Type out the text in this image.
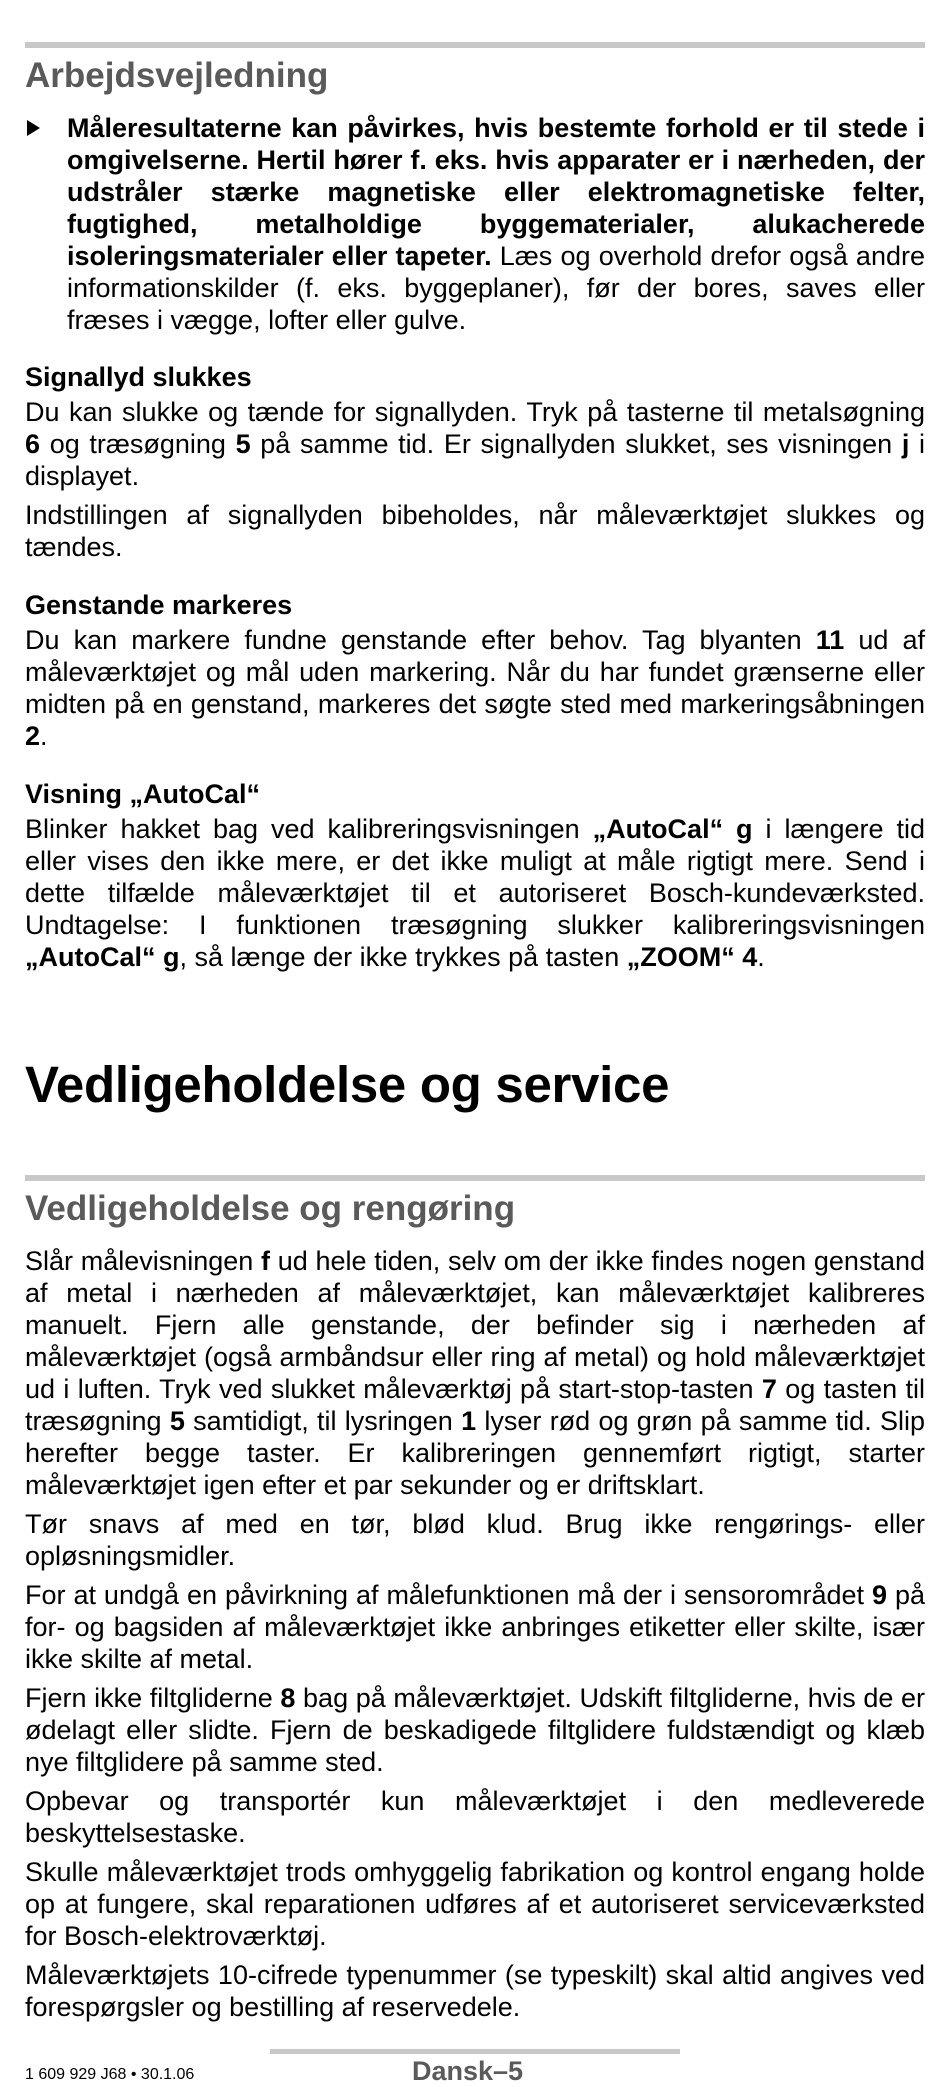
Arbejdsvejledning

Måleresultaterne kan påvirkes, hvis bestemte forhold er til stede i omgivelserne. Hertil hører f. eks. hvis apparater er i nærheden, der udstråler stærke magnetiske eller elektromagnetiske felter, fugtighed, metalholdige byggematerialer, alukacherede isoleringsmaterialer eller tapeter. Læs og overhold drefor også andre informationskilder (f. eks. byggeplaner), før der bores, saves eller fræses i vægge, lofter eller gulve.

Signallyd slukkes

Du kan slukke og tænde for signallyden. Tryk på tasterne til metalsøgning 6 og træsøgning 5 på samme tid. Er signallyden slukket, ses visningen j i displayet.

Indstillingen af signallyden bibeholdes, når måleværktøjet slukkes og tændes.

Genstande markeres

Du kan markere fundne genstande efter behov. Tag blyanten 11 ud af måleværktøjet og mål uden markering. Når du har fundet grænserne eller midten på en genstand, markeres det søgte sted med markeringsåbningen 2.

Visning „AutoCal“

Blinker hakket bag ved kalibreringsvisningen „AutoCal“ g i længere tid eller vises den ikke mere, er det ikke muligt at måle rigtigt mere. Send i dette tilfælde måleværktøjet til et autoriseret Bosch-kundeværksted. Undtagelse: I funktionen træsøgning slukker kalibreringsvisningen „AutoCal“ g, så længe der ikke trykkes på tasten „ZOOM“ 4.

Vedligeholdelse og service
Vedligeholdelse og rengøring

Slår målevisningen f ud hele tiden, selv om der ikke findes nogen genstand af metal i nærheden af måleværktøjet, kan måleværktøjet kalibreres manuelt. Fjern alle genstande, der befinder sig i nærheden af måleværktøjet (også armbåndsur eller ring af metal) og hold måleværktøjet ud i luften. Tryk ved slukket måleværktøj på start-stop-tasten 7 og tasten til træsøgning 5 samtidigt, til lysringen 1 lyser rød og grøn på samme tid. Slip herefter begge taster. Er kalibreringen gennemført rigtigt, starter måleværktøjet igen efter et par sekunder og er driftsklart.

Tør snavs af med en tør, blød klud. Brug ikke rengørings- eller opløsningsmidler.

For at undgå en påvirkning af målefunktionen må der i sensorområdet 9 på for- og bagsiden af måleværktøjet ikke anbringes etiketter eller skilte, især ikke skilte af metal.

Fjern ikke filtgliderne 8 bag på måleværktøjet. Udskift filtgliderne, hvis de er ødelagt eller slidte. Fjern de beskadigede filtglidere fuldstændigt og klæb nye filtglidere på samme sted.

Opbevar og transportér kun måleværktøjet i den medleverede beskyttelsestaske.

Skulle måleværktøjet trods omhyggelig fabrikation og kontrol engang holde op at fungere, skal reparationen udføres af et autoriseret serviceværksted for Bosch-elektroværktøj.

Måleværktøjets 10-cifrede typenummer (se typeskilt) skal altid angives ved forespørgsler og bestilling af reservedele.

1 609 929 J68 • 30.1.06	Dansk–5
